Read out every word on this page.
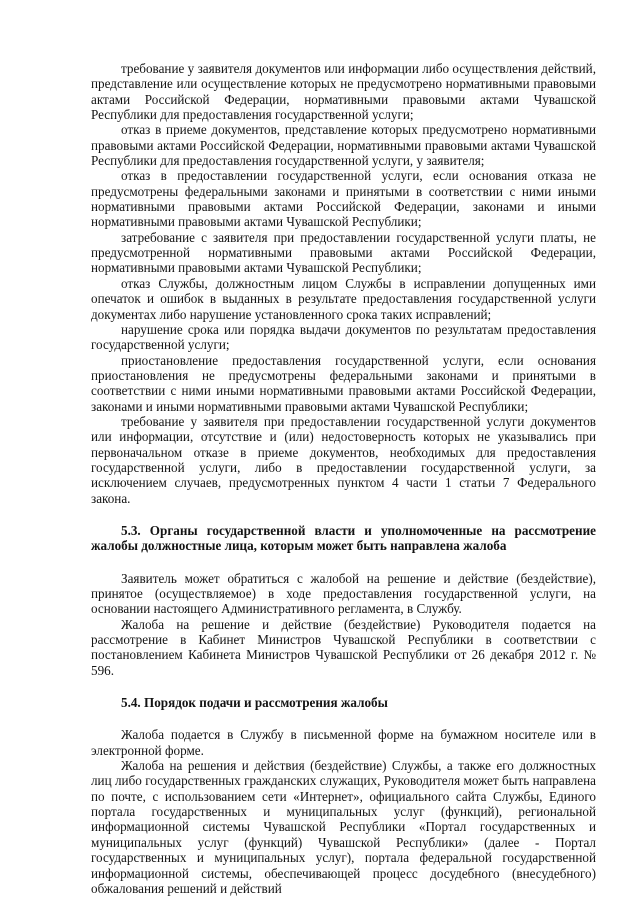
требование у заявителя документов или информации либо осуществления действий, представление или осуществление которых не предусмотрено нормативными правовыми актами Российской Федерации, нормативными правовыми актами Чувашской Республики для предоставления государственной услуги;

отказ в приеме документов, представление которых предусмотрено нормативными правовыми актами Российской Федерации, нормативными правовыми актами Чувашской Республики для предоставления государственной услуги, у заявителя;

отказ в предоставлении государственной услуги, если основания отказа не предусмотрены федеральными законами и принятыми в соответствии с ними иными нормативными правовыми актами Российской Федерации, законами и иными нормативными правовыми актами Чувашской Республики;

затребование с заявителя при предоставлении государственной услуги платы, не предусмотренной нормативными правовыми актами Российской Федерации, нормативными правовыми актами Чувашской Республики;

отказ Службы, должностным лицом Службы в исправлении допущенных ими опечаток и ошибок в выданных в результате предоставления государственной услуги документах либо нарушение установленного срока таких исправлений;

нарушение срока или порядка выдачи документов по результатам предоставления государственной услуги;

приостановление предоставления государственной услуги, если основания приостановления не предусмотрены федеральными законами и принятыми в соответствии с ними иными нормативными правовыми актами Российской Федерации, законами и иными нормативными правовыми актами Чувашской Республики;

требование у заявителя при предоставлении государственной услуги документов или информации, отсутствие и (или) недостоверность которых не указывались при первоначальном отказе в приеме документов, необходимых для предоставления государственной услуги, либо в предоставлении государственной услуги, за исключением случаев, предусмотренных пунктом 4 части 1 статьи 7 Федерального закона.

5.3. Органы государственной власти и уполномоченные на рассмотрение жалобы должностные лица, которым может быть направлена жалоба

Заявитель может обратиться с жалобой на решение и действие (бездействие), принятое (осуществляемое) в ходе предоставления государственной услуги, на основании настоящего Административного регламента, в Службу.

Жалоба на решение и действие (бездействие) Руководителя подается на рассмотрение в Кабинет Министров Чувашской Республики в соответствии с постановлением Кабинета Министров Чувашской Республики от 26 декабря 2012 г. № 596.

5.4. Порядок подачи и рассмотрения жалобы

Жалоба подается в Службу в письменной форме на бумажном носителе или в электронной форме.

Жалоба на решения и действия (бездействие) Службы, а также его должностных лиц либо государственных гражданских служащих, Руководителя может быть направлена по почте, с использованием сети «Интернет», официального сайта Службы, Единого портала государственных и муниципальных услуг (функций), региональной информационной системы Чувашской Республики «Портал государственных и муниципальных услуг (функций) Чувашской Республики» (далее - Портал государственных и муниципальных услуг), портала федеральной государственной информационной системы, обеспечивающей процесс досудебного (внесудебного) обжалования решений и действий
